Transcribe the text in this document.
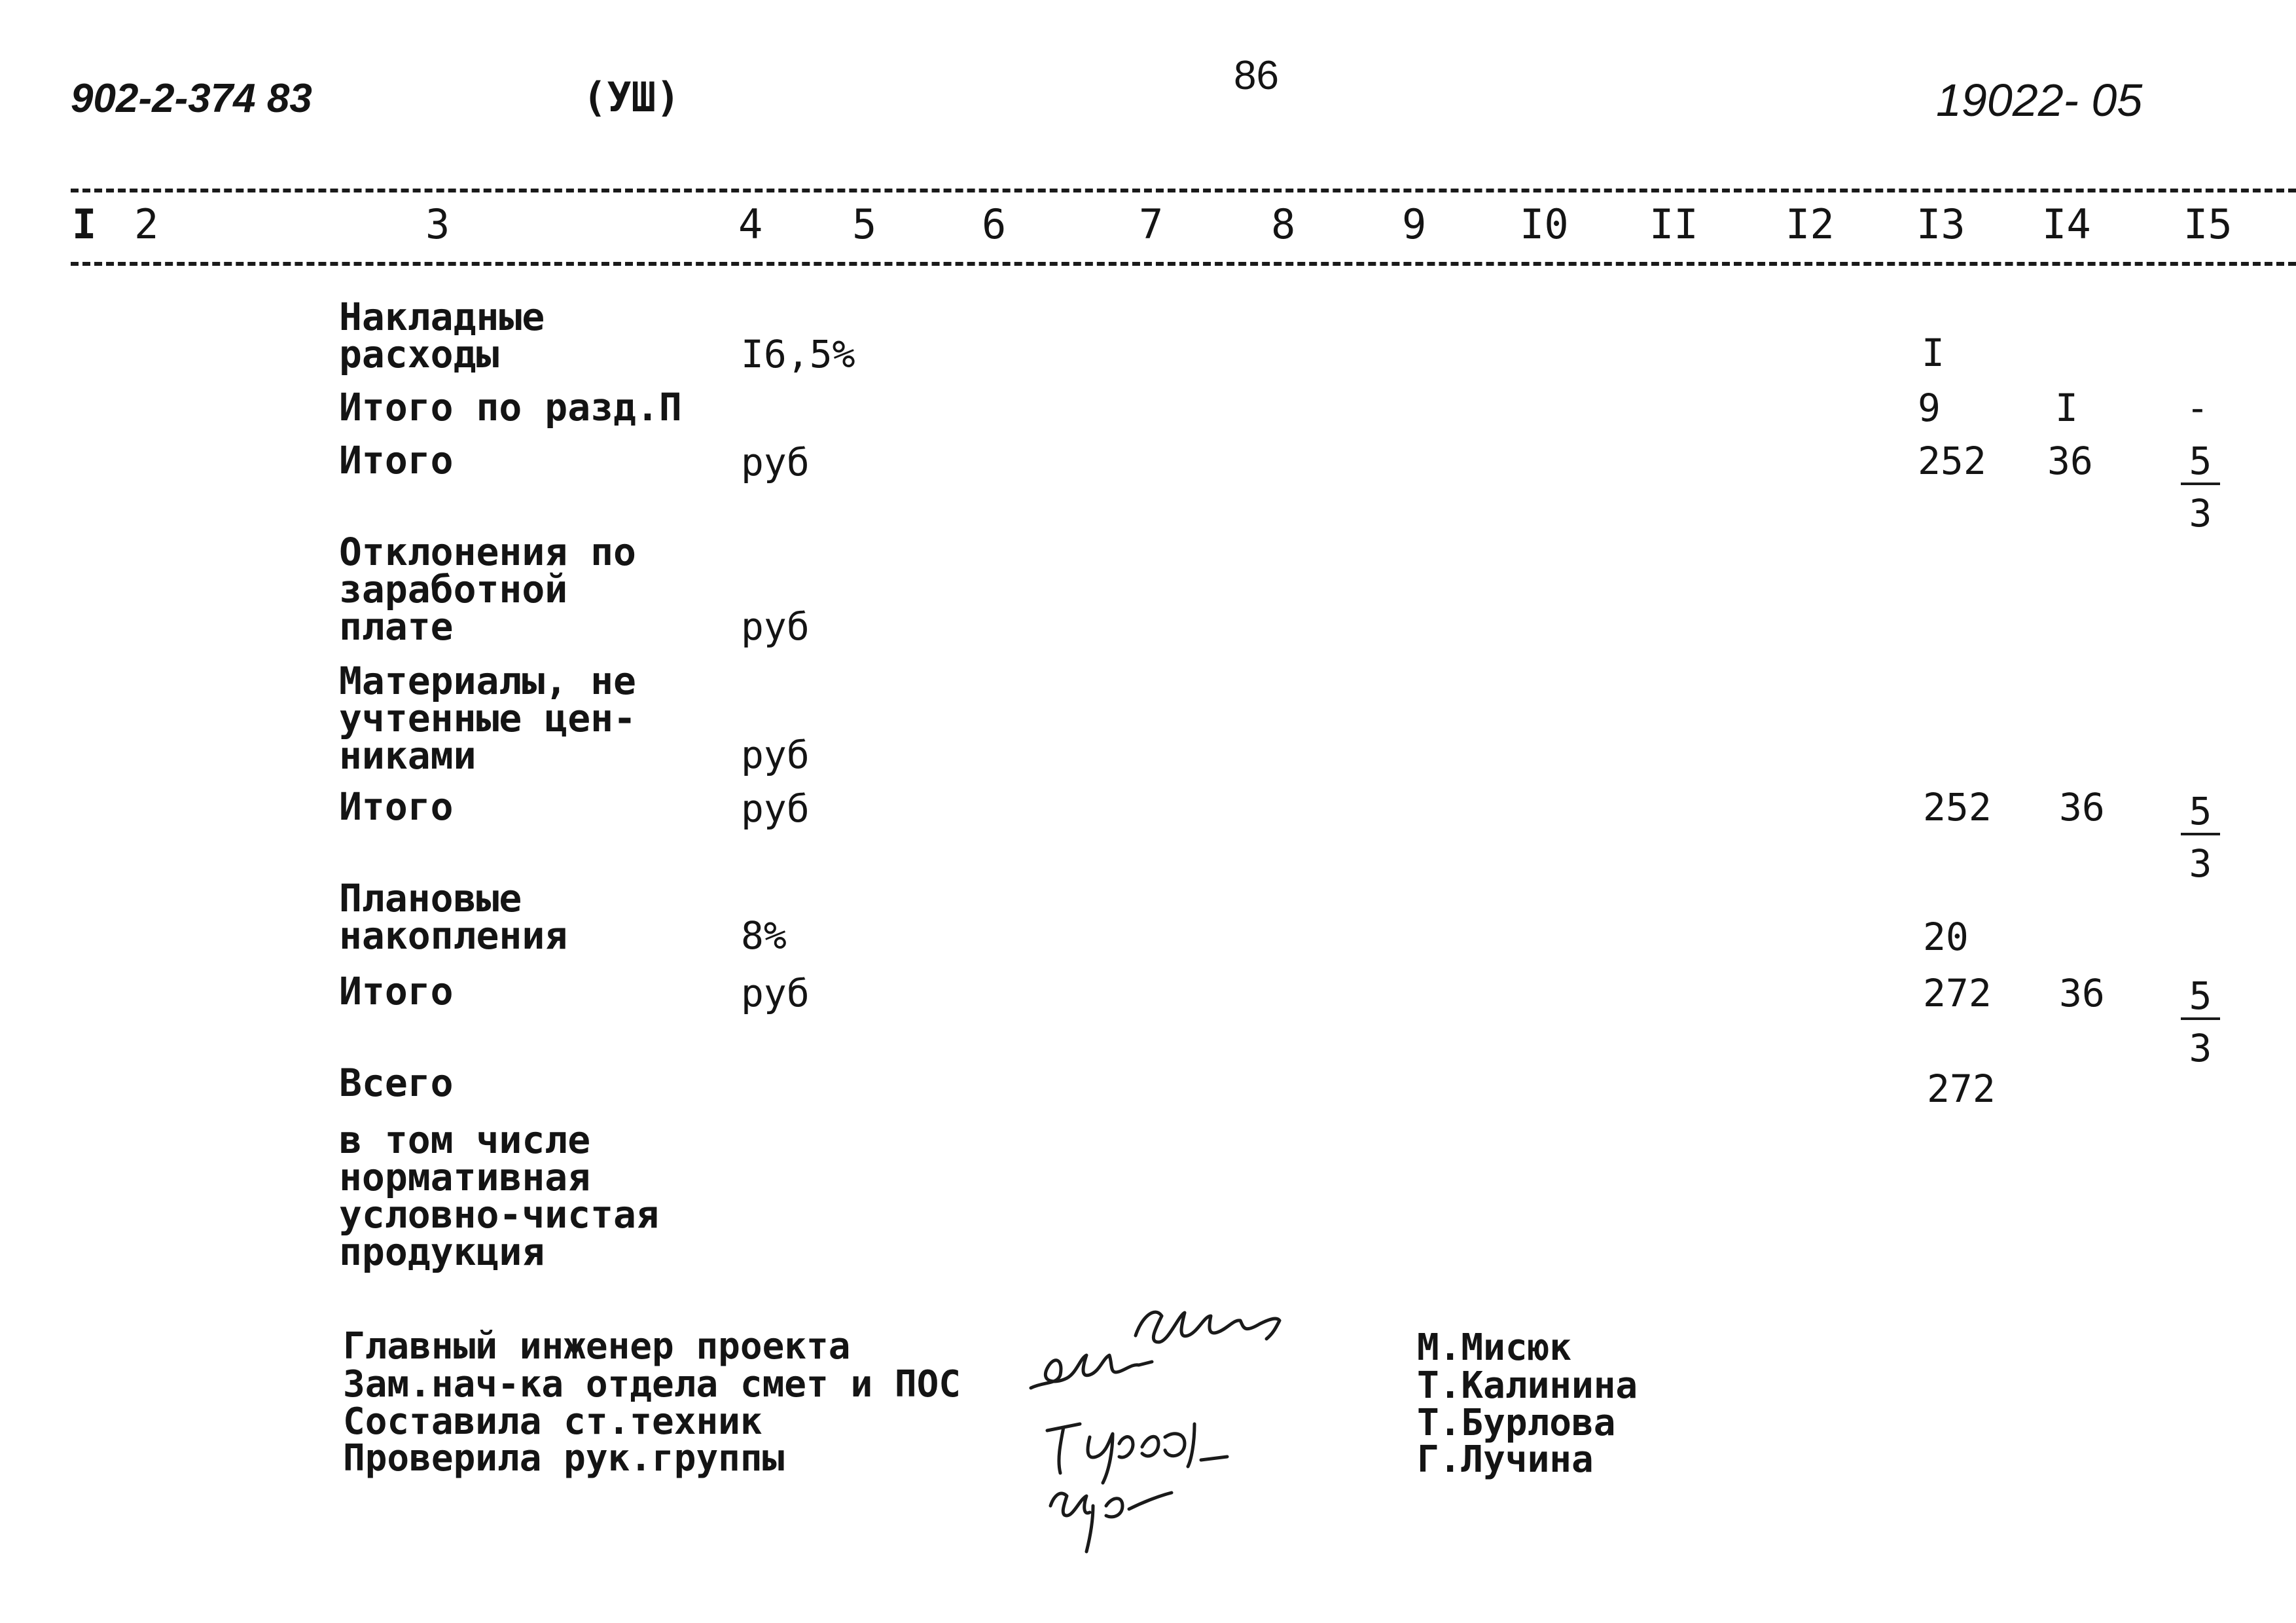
902-2-374 83	(УШ)	86	19022- 05
I 2	3	4 5	6	7	8	9 I0 II I2 I3 I4 I5
Накладные
расходы	I6,5%	I
Итого по разд.П	9	I	-
Итого	руб	252 $36 \frac{5}{3}$
Отклонения по
заработной
плате	руб
Материалы, не
учтенные цен-
никами	руб
Итого	руб	252 $36 \frac{5}{3}$
Плановые
накопления	8%	20
Итого	руб	272 $36 \frac{5}{3}$
Всего	272
в том числе
нормативная
условно-чистая
продукция
Главный инженер проекта
Зам.нач-ка отдела смет и ПОС
Составила ст.техник
Проверила рук.группы
М.Мисюк
Т.Калинина
Т.Бурлова
Г.Лучина
